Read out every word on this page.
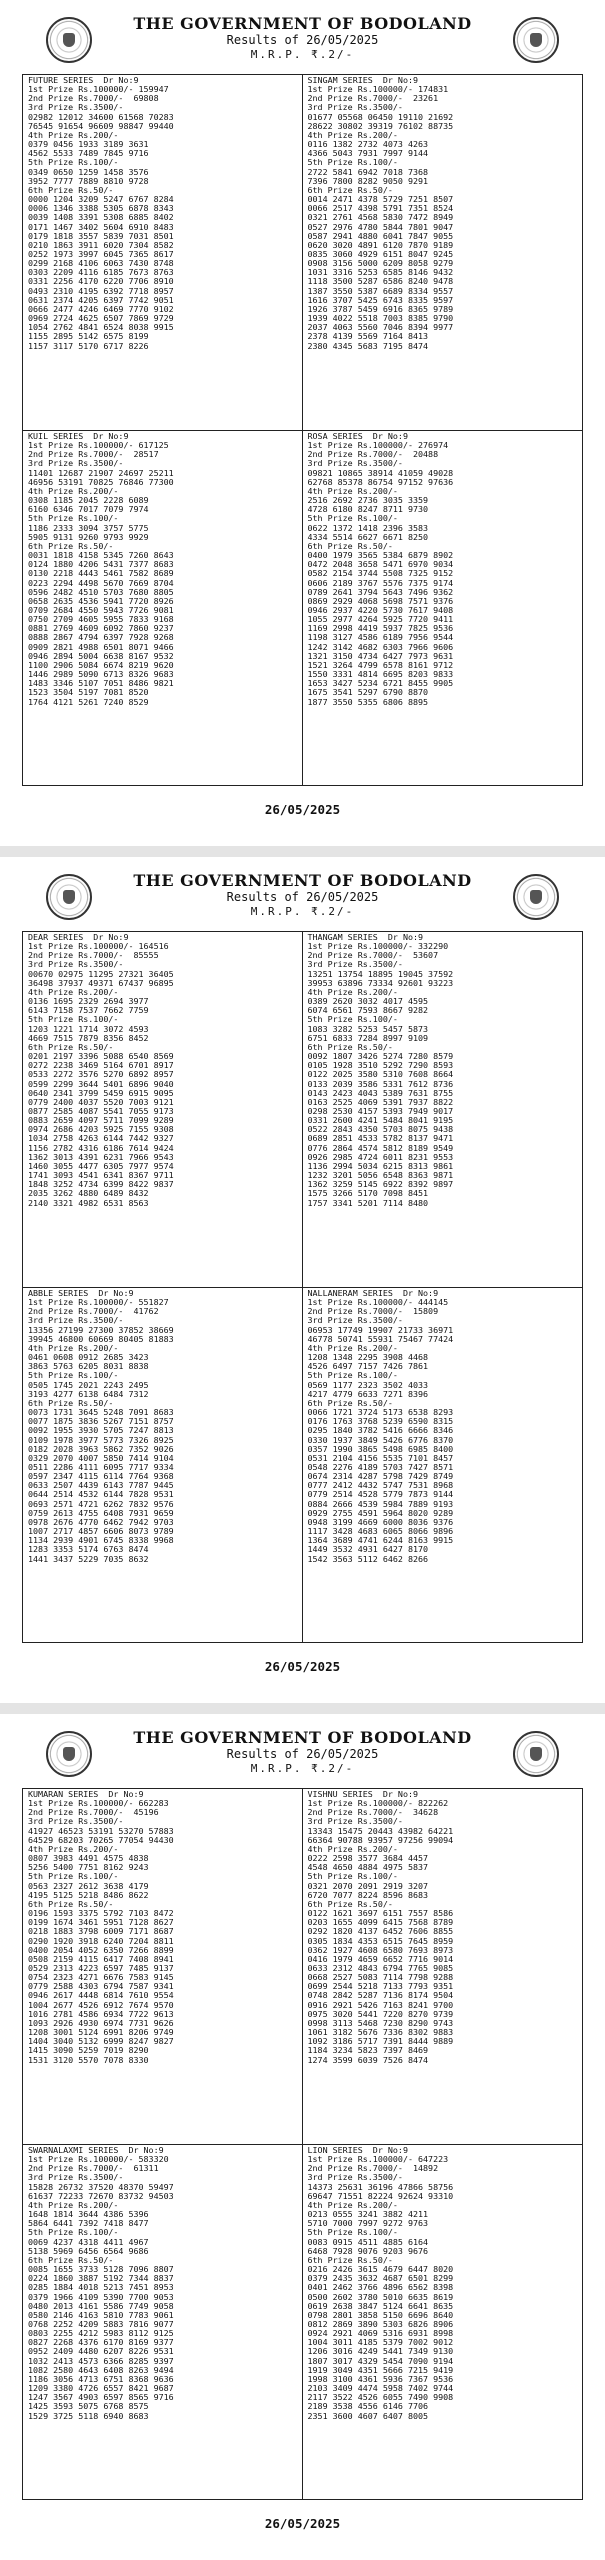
THE GOVERNMENT OF BODOLAND
Results of 26/05/2025
M.R.P. ₹.2/-
FUTURE SERIES  Dr No:9
1st Prize Rs.100000/- 159947
2nd Prize Rs.7000/-  69808
3rd Prize Rs.3500/-
02982 12012 34600 61568 70283
76545 91654 96609 98847 99440
4th Prize Rs.200/-
0379 0456 1933 3189 3631
4562 5533 7489 7845 9716
5th Prize Rs.100/-
0349 0650 1259 1458 3576
3952 7777 7889 8810 9728
6th Prize Rs.50/-
0000 1204 3209 5247 6767 8284
0006 1346 3388 5305 6878 8343
0039 1408 3391 5308 6885 8402
0171 1467 3402 5604 6910 8483
0179 1818 3557 5839 7031 8501
0210 1863 3911 6020 7304 8582
0252 1973 3997 6045 7365 8617
0299 2168 4106 6063 7430 8748
0303 2209 4116 6185 7673 8763
0331 2256 4170 6220 7706 8910
0493 2310 4195 6392 7718 8957
0631 2374 4205 6397 7742 9051
0666 2477 4246 6469 7770 9102
0969 2724 4625 6507 7869 9729
1054 2762 4841 6524 8038 9915
1155 2895 5142 6575 8199
1157 3117 5170 6717 8226
SINGAM SERIES  Dr No:9
1st Prize Rs.100000/- 174831
2nd Prize Rs.7000/-  23261
3rd Prize Rs.3500/-
01677 05568 06450 19110 21692
28622 30802 39319 76102 88735
4th Prize Rs.200/-
0116 1382 2732 4073 4263
4366 5043 7931 7997 9144
5th Prize Rs.100/-
2722 5841 6942 7018 7368
7396 7800 8282 9050 9291
6th Prize Rs.50/-
0014 2471 4378 5729 7251 8507
0066 2517 4398 5791 7351 8524
0321 2761 4568 5830 7472 8949
0527 2976 4780 5844 7801 9047
0587 2941 4880 6041 7847 9055
0620 3020 4891 6120 7870 9189
0835 3060 4929 6151 8047 9245
0908 3156 5000 6209 8058 9279
1031 3316 5253 6585 8146 9432
1118 3500 5287 6586 8240 9478
1387 3550 5387 6689 8334 9557
1616 3707 5425 6743 8335 9597
1926 3787 5459 6916 8365 9789
1939 4022 5518 7003 8385 9790
2037 4063 5560 7046 8394 9977
2378 4139 5569 7164 8413
2380 4345 5683 7195 8474
KUIL SERIES  Dr No:9
1st Prize Rs.100000/- 617125
2nd Prize Rs.7000/-  28517
3rd Prize Rs.3500/-
11401 12687 21907 24697 25211
46956 53191 70825 76846 77300
4th Prize Rs.200/-
0308 1185 2045 2228 6089
6160 6346 7017 7079 7974
5th Prize Rs.100/-
1186 2333 3094 3757 5775
5905 9131 9260 9793 9929
6th Prize Rs.50/-
0031 1818 4158 5345 7260 8643
0124 1880 4206 5431 7377 8683
0130 2218 4443 5461 7582 8689
0223 2294 4498 5670 7669 8704
0596 2482 4510 5703 7680 8805
0658 2635 4536 5941 7720 8926
0709 2684 4550 5943 7726 9081
0750 2709 4605 5955 7833 9168
0881 2769 4609 6092 7860 9237
0888 2867 4794 6397 7928 9268
0909 2821 4988 6501 8071 9466
0946 2894 5004 6638 8167 9532
1100 2906 5084 6674 8219 9620
1446 2989 5090 6713 8326 9683
1483 3346 5107 7051 8486 9821
1523 3504 5197 7081 8520
1764 4121 5261 7240 8529
ROSA SERIES  Dr No:9
1st Prize Rs.100000/- 276974
2nd Prize Rs.7000/-  20488
3rd Prize Rs.3500/-
09821 10865 38914 41059 49028
62768 85378 86754 97152 97636
4th Prize Rs.200/-
2516 2692 2736 3035 3359
4728 6180 8247 8711 9730
5th Prize Rs.100/-
0622 1372 1418 2396 3583
4334 5514 6627 6671 8250
6th Prize Rs.50/-
0400 1979 3565 5384 6879 8902
0472 2048 3658 5471 6970 9034
0582 2154 3744 5508 7325 9152
0606 2189 3767 5576 7375 9174
0789 2641 3794 5643 7496 9362
0869 2929 4068 5698 7571 9376
0946 2937 4220 5730 7617 9408
1055 2977 4264 5925 7720 9411
1169 2998 4419 5937 7825 9536
1198 3127 4586 6189 7956 9544
1242 3142 4682 6303 7966 9606
1321 3150 4734 6427 7973 9631
1521 3264 4799 6578 8161 9712
1550 3331 4814 6695 8203 9833
1653 3427 5234 6721 8455 9905
1675 3541 5297 6790 8870
1877 3550 5355 6806 8895
26/05/2025
THE GOVERNMENT OF BODOLAND
Results of 26/05/2025
M.R.P. ₹.2/-
DEAR SERIES  Dr No:9
1st Prize Rs.100000/- 164516
2nd Prize Rs.7000/-  85555
3rd Prize Rs.3500/-
00670 02975 11295 27321 36405
36498 37937 49371 67437 96895
4th Prize Rs.200/-
0136 1695 2329 2694 3977
6143 7158 7537 7662 7759
5th Prize Rs.100/-
1203 1221 1714 3072 4593
4669 7515 7879 8356 8452
6th Prize Rs.50/-
0201 2197 3396 5088 6540 8569
0272 2238 3469 5164 6701 8917
0533 2272 3576 5270 6892 8957
0599 2299 3644 5401 6896 9040
0640 2341 3799 5459 6915 9095
0779 2400 4037 5520 7003 9121
0877 2585 4087 5541 7055 9173
0883 2659 4097 5711 7099 9289
0974 2686 4203 5925 7155 9308
1034 2758 4263 6144 7442 9327
1156 2782 4316 6186 7614 9424
1362 3013 4391 6231 7966 9543
1460 3055 4477 6305 7977 9574
1741 3093 4541 6341 8367 9711
1848 3252 4734 6399 8422 9837
2035 3262 4880 6489 8432
2140 3321 4982 6531 8563
THANGAM SERIES  Dr No:9
1st Prize Rs.100000/- 332290
2nd Prize Rs.7000/-  53607
3rd Prize Rs.3500/-
13251 13754 18895 19045 37592
39953 63896 73334 92601 93223
4th Prize Rs.200/-
0389 2620 3032 4017 4595
6074 6561 7593 8667 9282
5th Prize Rs.100/-
1083 3282 5253 5457 5873
6751 6833 7284 8997 9109
6th Prize Rs.50/-
0092 1807 3426 5274 7280 8579
0105 1928 3510 5292 7290 8593
0122 2025 3580 5310 7608 8664
0133 2039 3586 5331 7612 8736
0143 2423 4043 5389 7631 8755
0163 2525 4069 5391 7937 8822
0298 2530 4157 5393 7949 9017
0331 2600 4241 5484 8041 9195
0522 2843 4350 5703 8075 9438
0689 2851 4533 5782 8137 9471
0776 2864 4574 5812 8189 9549
0926 2985 4724 6011 8231 9553
1136 2994 5034 6215 8313 9861
1232 3201 5056 6548 8363 9871
1362 3259 5145 6922 8392 9897
1575 3266 5170 7098 8451
1757 3341 5201 7114 8480
ABBLE SERIES  Dr No:9
1st Prize Rs.100000/- 551827
2nd Prize Rs.7000/-  41762
3rd Prize Rs.3500/-
13356 27199 27300 37852 38669
39945 46800 60669 80405 81883
4th Prize Rs.200/-
0461 0608 0912 2685 3423
3863 5763 6205 8031 8838
5th Prize Rs.100/-
0505 1745 2021 2243 2495
3193 4277 6138 6484 7312
6th Prize Rs.50/-
0073 1731 3645 5248 7091 8683
0077 1875 3836 5267 7151 8757
0092 1955 3930 5705 7247 8813
0109 1978 3977 5773 7326 8925
0182 2028 3963 5862 7352 9026
0329 2070 4007 5850 7414 9104
0511 2286 4111 6095 7717 9334
0597 2347 4115 6114 7764 9368
0633 2507 4439 6143 7787 9445
0644 2514 4532 6144 7828 9531
0693 2571 4721 6262 7832 9576
0759 2613 4755 6408 7931 9659
0978 2676 4770 6462 7942 9703
1007 2717 4857 6606 8073 9789
1134 2939 4901 6745 8338 9968
1283 3353 5174 6763 8474
1441 3437 5229 7035 8632
NALLANERAM SERIES  Dr No:9
1st Prize Rs.100000/- 444145
2nd Prize Rs.7000/-  15809
3rd Prize Rs.3500/-
06953 17749 19907 21733 36971
46778 50741 55931 75467 77424
4th Prize Rs.200/-
1208 1348 2295 3908 4468
4526 6497 7157 7426 7861
5th Prize Rs.100/-
0569 1177 2323 3502 4033
4217 4779 6633 7271 8396
6th Prize Rs.50/-
0066 1721 3724 5173 6538 8293
0176 1763 3768 5239 6590 8315
0295 1840 3782 5416 6666 8346
0330 1937 3849 5426 6776 8370
0357 1990 3865 5498 6985 8400
0531 2104 4156 5535 7101 8457
0548 2276 4189 5703 7427 8571
0674 2314 4287 5798 7429 8749
0777 2412 4432 5747 7531 8968
0779 2514 4528 5779 7873 9144
0884 2666 4539 5984 7889 9193
0929 2755 4591 5964 8020 9289
0948 3199 4669 6000 8036 9376
1117 3428 4683 6065 8066 9896
1364 3689 4741 6244 8163 9915
1449 3532 4931 6427 8170
1542 3563 5112 6462 8266
26/05/2025
THE GOVERNMENT OF BODOLAND
Results of 26/05/2025
M.R.P. ₹.2/-
KUMARAN SERIES  Dr No:9
1st Prize Rs.100000/- 662283
2nd Prize Rs.7000/-  45196
3rd Prize Rs.3500/-
41927 46523 53191 53270 57883
64529 68203 70265 77054 94430
4th Prize Rs.200/-
0807 3983 4491 4575 4838
5256 5400 7751 8162 9243
5th Prize Rs.100/-
0563 2327 2612 3638 4179
4195 5125 5218 8486 8622
6th Prize Rs.50/-
0196 1593 3375 5792 7103 8472
0199 1674 3461 5951 7128 8627
0218 1883 3798 6009 7171 8687
0290 1920 3918 6240 7204 8811
0400 2054 4052 6350 7266 8899
0508 2159 4115 6417 7408 8941
0529 2313 4223 6597 7485 9137
0754 2323 4271 6676 7583 9145
0779 2588 4303 6794 7587 9341
0946 2617 4448 6814 7610 9554
1004 2677 4526 6912 7674 9570
1016 2781 4586 6934 7722 9613
1093 2926 4930 6974 7731 9626
1208 3001 5124 6991 8206 9749
1404 3040 5132 6999 8247 9827
1415 3090 5259 7019 8290
1531 3120 5570 7078 8330
VISHNU SERIES  Dr No:9
1st Prize Rs.100000/- 822262
2nd Prize Rs.7000/-  34628
3rd Prize Rs.3500/-
13343 15475 20443 43982 64221
66364 90788 93957 97256 99094
4th Prize Rs.200/-
0222 2598 3577 3684 4457
4548 4650 4884 4975 5837
5th Prize Rs.100/-
0321 2070 2091 2919 3207
6720 7077 8224 8596 8683
6th Prize Rs.50/-
0122 1621 3697 6151 7557 8586
0203 1655 4099 6415 7568 8789
0292 1820 4137 6452 7606 8855
0305 1834 4353 6515 7645 8959
0362 1927 4608 6580 7693 8973
0416 1979 4659 6652 7716 9014
0633 2312 4843 6794 7765 9085
0668 2527 5083 7114 7798 9288
0699 2544 5218 7133 7793 9351
0748 2842 5287 7136 8174 9504
0916 2921 5426 7163 8241 9700
0975 3020 5441 7220 8270 9739
0998 3113 5468 7230 8290 9743
1061 3182 5676 7336 8302 9883
1092 3186 5717 7391 8444 9889
1184 3234 5823 7397 8469
1274 3599 6039 7526 8474
SWARNALAXMI SERIES  Dr No:9
1st Prize Rs.100000/- 583320
2nd Prize Rs.7000/-  61311
3rd Prize Rs.3500/-
15828 26732 37520 48370 59497
61637 72233 72670 83732 94503
4th Prize Rs.200/-
1648 1814 3644 4386 5396
5864 6441 7392 7418 8477
5th Prize Rs.100/-
0069 4237 4318 4411 4967
5138 5969 6456 6564 9686
6th Prize Rs.50/-
0085 1655 3733 5128 7096 8807
0224 1860 3887 5192 7344 8837
0285 1884 4018 5213 7451 8953
0379 1966 4109 5390 7700 9053
0480 2013 4161 5586 7749 9058
0580 2146 4163 5810 7783 9061
0768 2252 4209 5883 7816 9077
0803 2255 4212 5983 8112 9125
0827 2268 4376 6170 8169 9377
0952 2409 4480 6207 8226 9531
1032 2413 4573 6366 8285 9397
1082 2580 4643 6408 8263 9494
1186 3056 4713 6751 8368 9636
1209 3380 4726 6557 8421 9687
1247 3567 4903 6597 8565 9716
1425 3593 5075 6768 8575
1529 3725 5118 6940 8683
LION SERIES  Dr No:9
1st Prize Rs.100000/- 647223
2nd Prize Rs.7000/-  14892
3rd Prize Rs.3500/-
14373 25631 36196 47866 58756
69647 71551 82224 92624 93310
4th Prize Rs.200/-
0213 0555 3241 3882 4211
5710 7000 7997 9272 9763
5th Prize Rs.100/-
0083 0915 4511 4885 6164
6468 7928 9076 9203 9676
6th Prize Rs.50/-
0216 2426 3615 4679 6447 8020
0379 2435 3632 4687 6501 8299
0401 2462 3766 4896 6562 8398
0500 2602 3780 5010 6635 8619
0619 2638 3847 5124 6641 8635
0798 2801 3858 5150 6696 8640
0812 2869 3890 5303 6826 8906
0924 2921 4069 5316 6931 8998
1004 3011 4185 5379 7002 9012
1206 3016 4249 5441 7349 9130
1807 3017 4329 5454 7090 9194
1919 3049 4351 5666 7215 9419
1998 3100 4361 5936 7367 9536
2103 3409 4474 5958 7402 9744
2117 3522 4526 6055 7490 9908
2189 3538 4556 6146 7706
2351 3600 4607 6407 8005
26/05/2025
